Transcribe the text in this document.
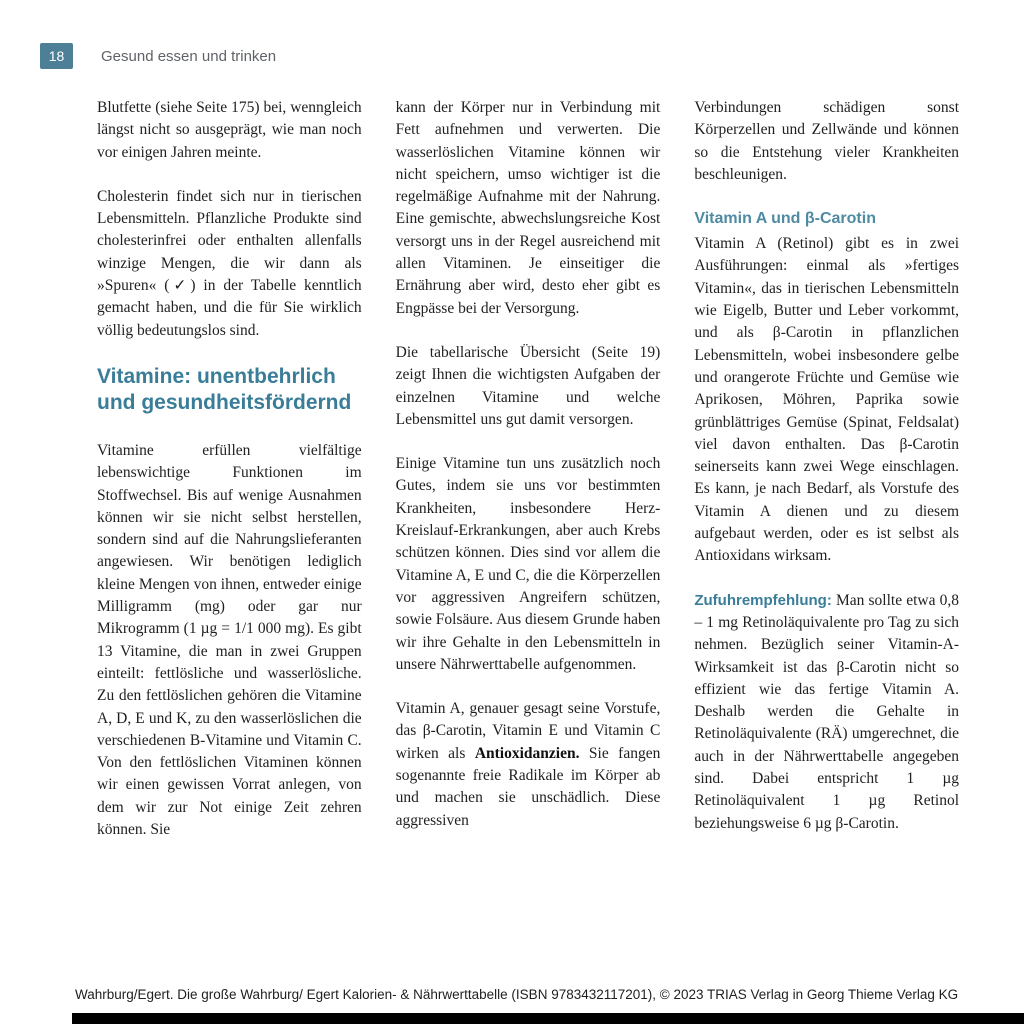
18	Gesund essen und trinken

Blutfette (siehe Seite 175) bei, wenngleich längst nicht so ausgeprägt, wie man noch vor einigen Jahren meinte.

Cholesterin findet sich nur in tierischen Lebensmitteln. Pflanzliche Produkte sind cholesterinfrei oder enthalten allenfalls winzige Mengen, die wir dann als »Spuren« (✓) in der Tabelle kenntlich gemacht haben, und die für Sie wirklich völlig bedeutungslos sind.

Vitamine: unentbehrlich und gesundheitsfördernd

Vitamine erfüllen vielfältige lebenswichtige Funktionen im Stoffwechsel. Bis auf wenige Ausnahmen können wir sie nicht selbst herstellen, sondern sind auf die Nahrungslieferanten angewiesen. Wir benötigen lediglich kleine Mengen von ihnen, entweder einige Milligramm (mg) oder gar nur Mikrogramm (1 µg = 1/1 000 mg). Es gibt 13 Vitamine, die man in zwei Gruppen einteilt: fettlösliche und wasserlösliche. Zu den fettlöslichen gehören die Vitamine A, D, E und K, zu den wasserlöslichen die verschiedenen B-Vitamine und Vitamin C. Von den fettlöslichen Vitaminen können wir einen gewissen Vorrat anlegen, von dem wir zur Not einige Zeit zehren können. Sie

kann der Körper nur in Verbindung mit Fett aufnehmen und verwerten. Die wasserlöslichen Vitamine können wir nicht speichern, umso wichtiger ist die regelmäßige Aufnahme mit der Nahrung. Eine gemischte, abwechslungsreiche Kost versorgt uns in der Regel ausreichend mit allen Vitaminen. Je einseitiger die Ernährung aber wird, desto eher gibt es Engpässe bei der Versorgung.

Die tabellarische Übersicht (Seite 19) zeigt Ihnen die wichtigsten Aufgaben der einzelnen Vitamine und welche Lebensmittel uns gut damit versorgen.

Einige Vitamine tun uns zusätzlich noch Gutes, indem sie uns vor bestimmten Krankheiten, insbesondere Herz-Kreislauf-Erkrankungen, aber auch Krebs schützen können. Dies sind vor allem die Vitamine A, E und C, die die Körperzellen vor aggressiven Angreifern schützen, sowie Folsäure. Aus diesem Grunde haben wir ihre Gehalte in den Lebensmitteln in unsere Nährwerttabelle aufgenommen.

Vitamin A, genauer gesagt seine Vorstufe, das β-Carotin, Vitamin E und Vitamin C wirken als Antioxidanzien. Sie fangen sogenannte freie Radikale im Körper ab und machen sie unschädlich. Diese aggressiven

Verbindungen schädigen sonst Körperzellen und Zellwände und können so die Entstehung vieler Krankheiten beschleunigen.

Vitamin A und β-Carotin

Vitamin A (Retinol) gibt es in zwei Ausführungen: einmal als »fertiges Vitamin«, das in tierischen Lebensmitteln wie Eigelb, Butter und Leber vorkommt, und als β-Carotin in pflanzlichen Lebensmitteln, wobei insbesondere gelbe und orangerote Früchte und Gemüse wie Aprikosen, Möhren, Paprika sowie grünblättriges Gemüse (Spinat, Feldsalat) viel davon enthalten. Das β-Carotin seinerseits kann zwei Wege einschlagen. Es kann, je nach Bedarf, als Vorstufe des Vitamin A dienen und zu diesem aufgebaut werden, oder es ist selbst als Antioxidans wirksam.

Zufuhrempfehlung: Man sollte etwa 0,8 – 1 mg Retinoläquivalente pro Tag zu sich nehmen. Bezüglich seiner Vitamin-A-Wirksamkeit ist das β-Carotin nicht so effizient wie das fertige Vitamin A. Deshalb werden die Gehalte in Retinoläquivalente (RÄ) umgerechnet, die auch in der Nährwerttabelle angegeben sind. Dabei entspricht 1 µg Retinoläquivalent 1 µg Retinol beziehungsweise 6 µg β-Carotin.

Wahrburg/Egert. Die große Wahrburg/ Egert Kalorien- & Nährwerttabelle (ISBN 9783432117201), © 2023 TRIAS Verlag in Georg Thieme Verlag KG
